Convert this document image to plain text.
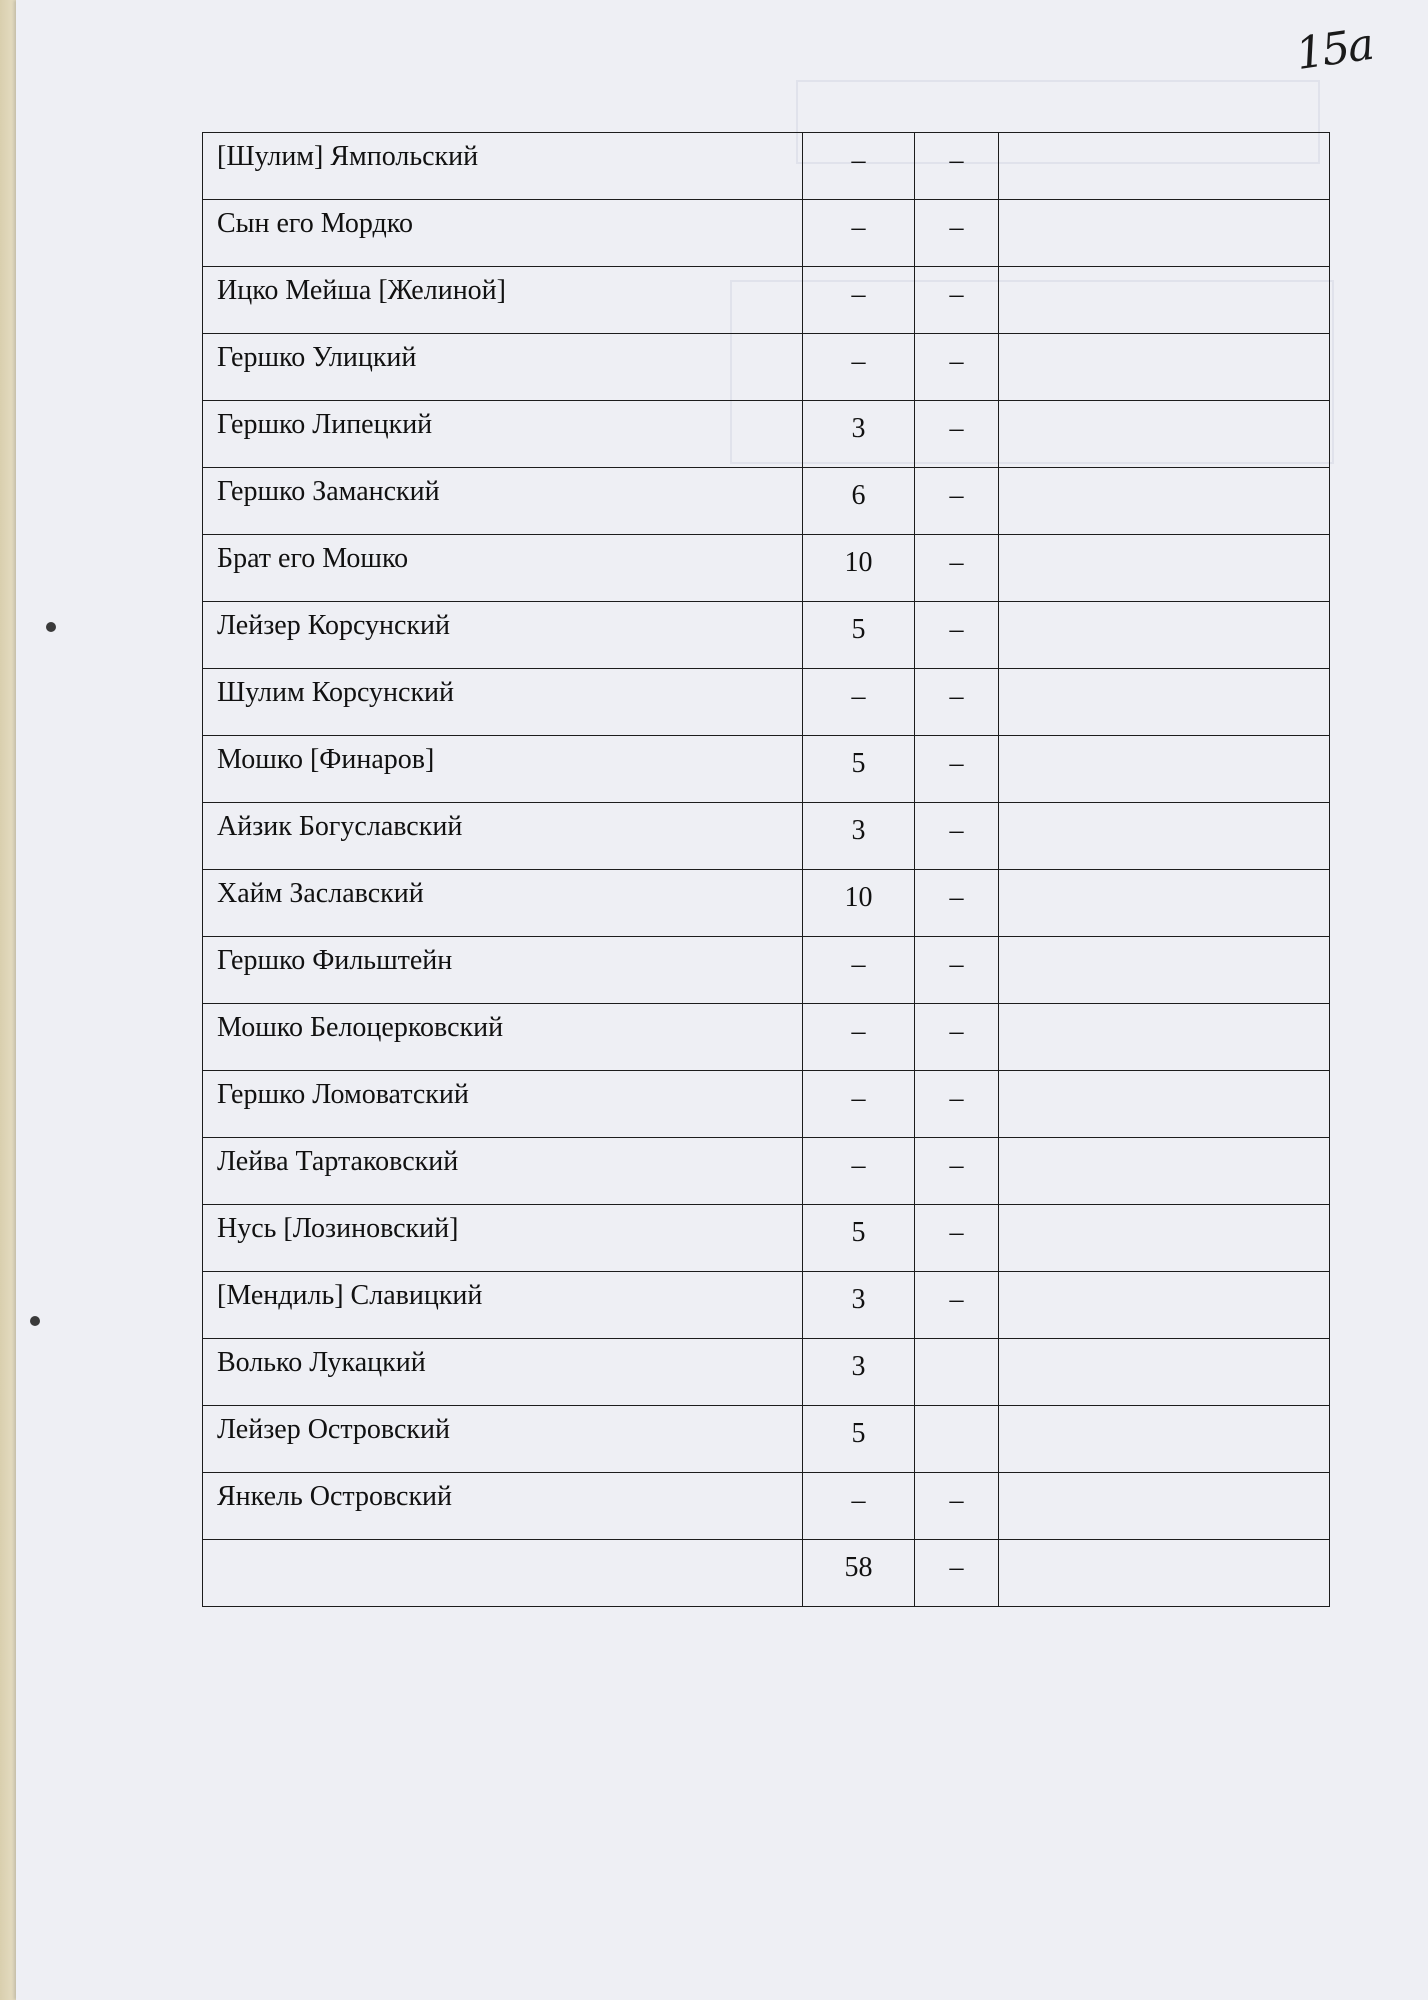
15а
[Шулим] Ямпольский	–	–	
Сын его Мордко	–	–	
Ицко Мейша [Желиной]	–	–	
Гершко Улицкий	–	–	
Гершко Липецкий	3	–	
Гершко Заманский	6	–	
Брат его Мошко	10	–	
Лейзер Корсунский	5	–	
Шулим Корсунский	–	–	
Мошко [Финаров]	5	–	
Айзик Богуславский	3	–	
Хайм Заславский	10	–	
Гершко Фильштейн	–	–	
Мошко Белоцерковский	–	–	
Гершко Ломоватский	–	–	
Лейва Тартаковский	–	–	
Нусь [Лозиновский]	5	–	
[Мендиль] Славицкий	3	–	
Волько Лукацкий	3		
Лейзер Островский	5		
Янкель Островский	–	–	
	58	–	
